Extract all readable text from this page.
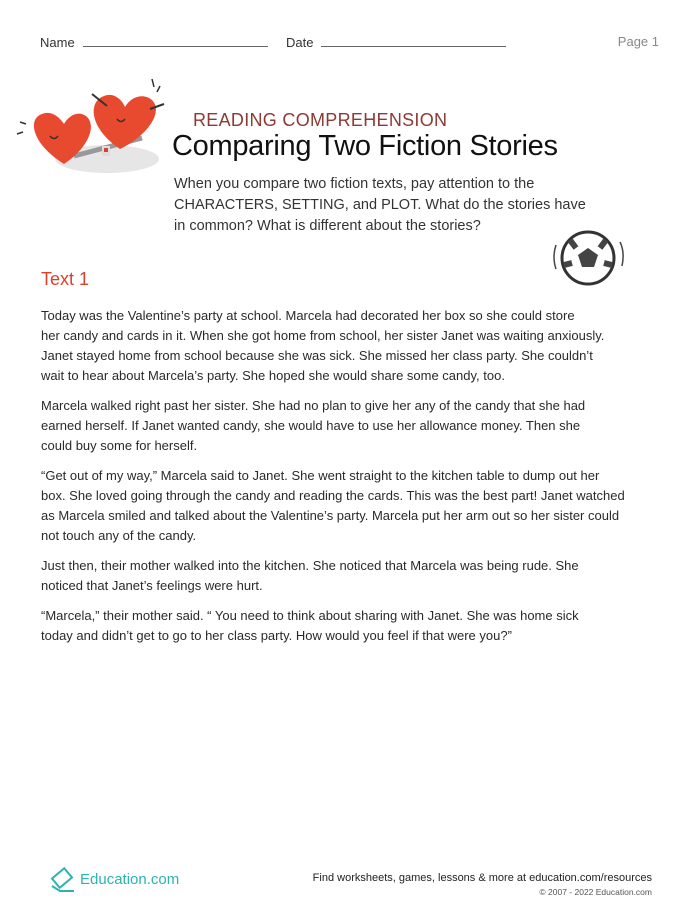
Name	Date	Page 1
READING COMPREHENSION
Comparing Two Fiction Stories
When you compare two fiction texts, pay attention to the CHARACTERS, SETTING, and PLOT. What do the stories have in common? What is different about the stories?
Text 1
Today was the Valentine’s party at school. Marcela had decorated her box so she could store
her candy and cards in it. When she got home from school, her sister Janet was waiting anxiously.
Janet stayed home from school because she was sick. She missed her class party. She couldn’t
wait to hear about Marcela’s party. She hoped she would share some candy, too.
Marcela walked right past her sister. She had no plan to give her any of the candy that she had
earned herself. If Janet wanted candy, she would have to use her allowance money. Then she
could buy some for herself.
“Get out of my way,” Marcela said to Janet. She went straight to the kitchen table to dump out her
box. She loved going through the candy and reading the cards. This was the best part! Janet watched
as Marcela smiled and talked about the Valentine’s party. Marcela put her arm out so her sister could
not touch any of the candy.
Just then, their mother walked into the kitchen. She noticed that Marcela was being rude. She
noticed that Janet’s feelings were hurt.
“Marcela,” their mother said. “ You need to think about sharing with Janet. She was home sick
today and didn’t get to go to her class party. How would you feel if that were you?”
Education.com	Find worksheets, games, lessons & more at education.com/resources
© 2007 - 2022 Education.com
